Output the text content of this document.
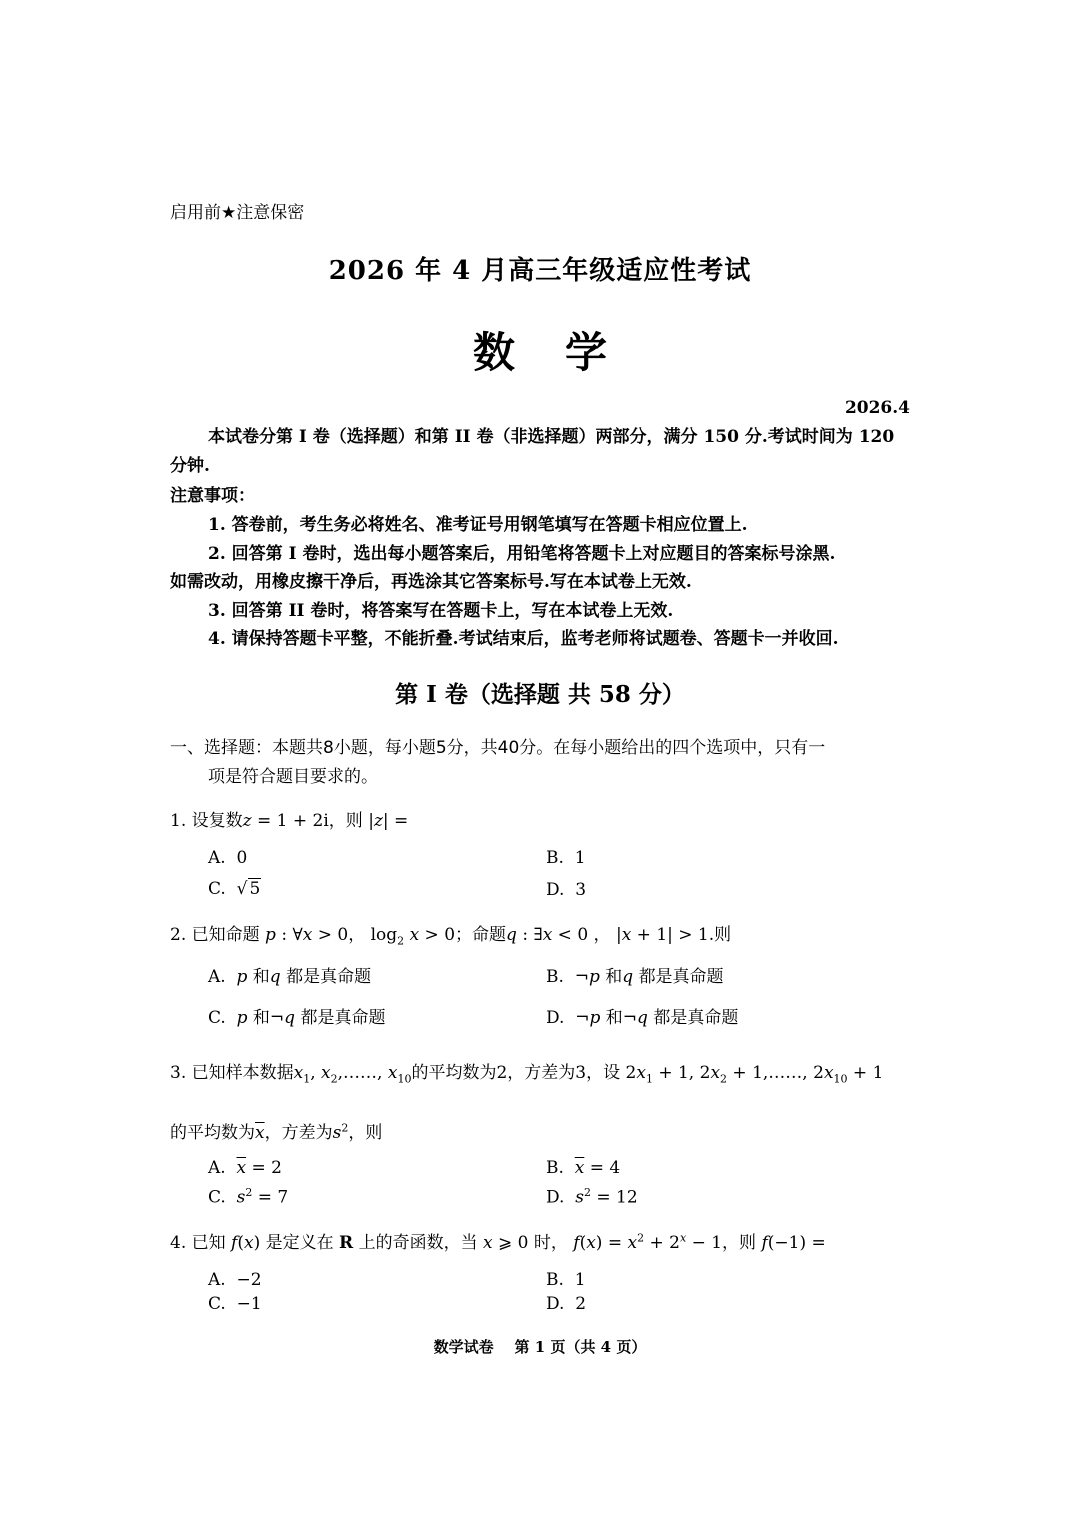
启用前★注意保密
2026 年 4 月高三年级适应性考试
数学
2026.4
本试卷分第 I 卷（选择题）和第 II 卷（非选择题）两部分，满分 150 分.考试时间为 120 分钟.
注意事项：
1. 答卷前，考生务必将姓名、准考证号用钢笔填写在答题卡相应位置上.
2. 回答第 I 卷时，选出每小题答案后，用铅笔将答题卡上对应题目的答案标号涂黑.
如需改动，用橡皮擦干净后，再选涂其它答案标号.写在本试卷上无效.
3. 回答第 II 卷时，将答案写在答题卡上，写在本试卷上无效.
4. 请保持答题卡平整，不能折叠.考试结束后，监考老师将试题卷、答题卡一并收回.
第 I 卷（选择题 共 58 分）
一、选择题：本题共8小题，每小题5分，共40分。在每小题给出的四个选项中，只有一
项是符合题目要求的。
1. 设复数z = 1 + 2i，则 |z| =
A. 0	B. 1
C.  √ 5	D. 3
2. 已知命题 p : ∀x > 0， $\log_2 x > 0$；命题q : ∃x < 0 ， |x + 1| > 1.则
A. p 和q 都是真命题	B.  ¬p 和q 都是真命题
C. p 和¬q 都是真命题	D.  ¬p 和¬q 都是真命题
3. 已知样本数据$x_1$, $x_2,\dots\dots$, $x_{10}$的平均数为2，方差为3，设 $2x_1 + 1$, $2x_2$ + 1,……, $2x_{10} + 1$
的平均数为$\overline{x}$，方差为$s^2$，则
A. $\overline{x} = 2$	B. $\overline{x} = 4$
C. $s^2 = 7$	D. $s^2 = 12$
4. 已知 f(x) 是定义在 R 上的奇函数，当 x ⩾ 0 时， $f(x) = x^2 + 2^x - 1$，则 f(−1) =
A. −2	B. 1
C. −1	D. 2
数学试卷    第 1 页（共 4 页）
